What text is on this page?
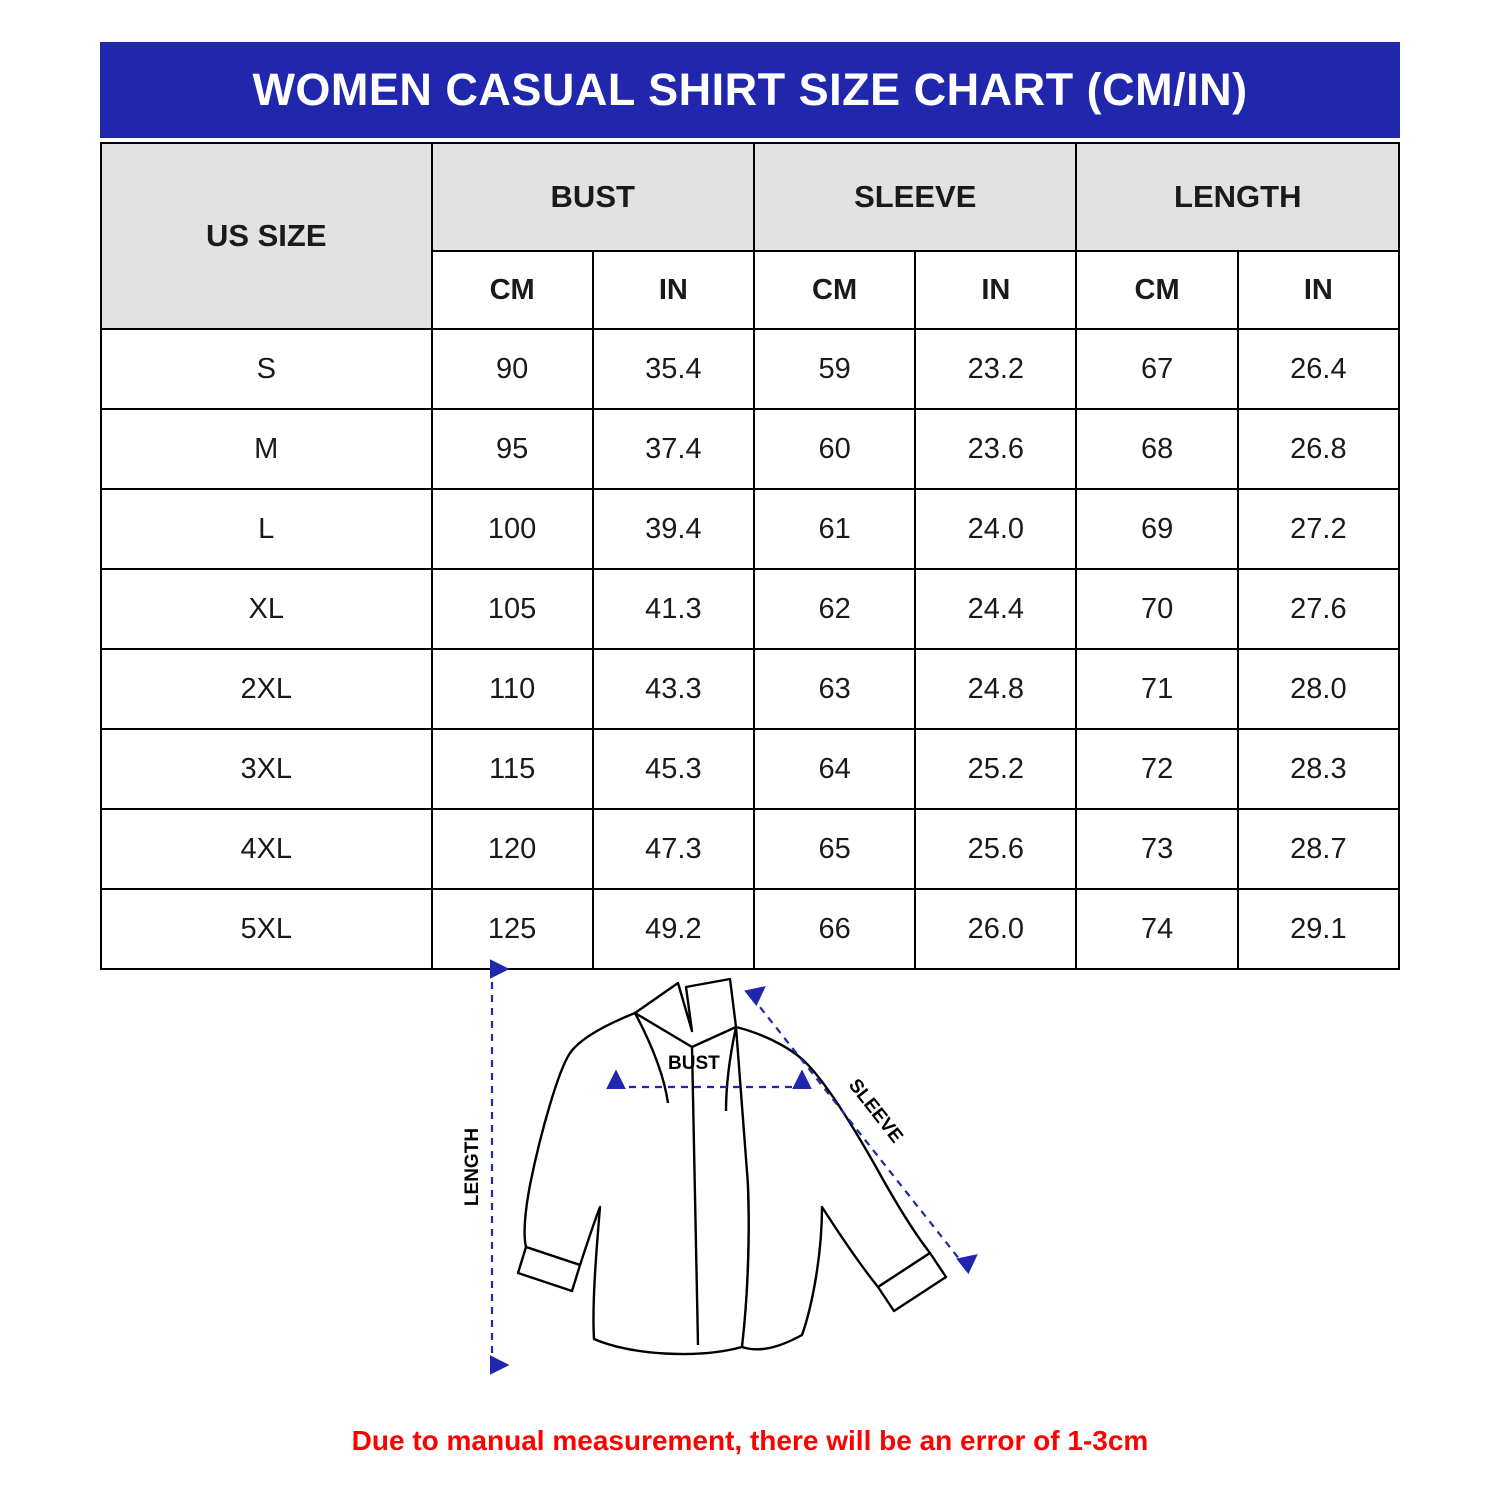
WOMEN CASUAL SHIRT SIZE CHART (CM/IN)
US SIZE	BUST		SLEEVE		LENGTH	
	CM	IN	CM	IN	CM	IN
S	90	35.4	59	23.2	67	26.4
M	95	37.4	60	23.6	68	26.8
L	100	39.4	61	24.0	69	27.2
XL	105	41.3	62	24.4	70	27.6
2XL	110	43.3	63	24.8	71	28.0
3XL	115	45.3	64	25.2	72	28.3
4XL	120	47.3	65	25.6	73	28.7
5XL	125	49.2	66	26.0	74	29.1
LENGTH
BUST
SLEEVE
Due to manual measurement, there will be an error of 1-3cm
